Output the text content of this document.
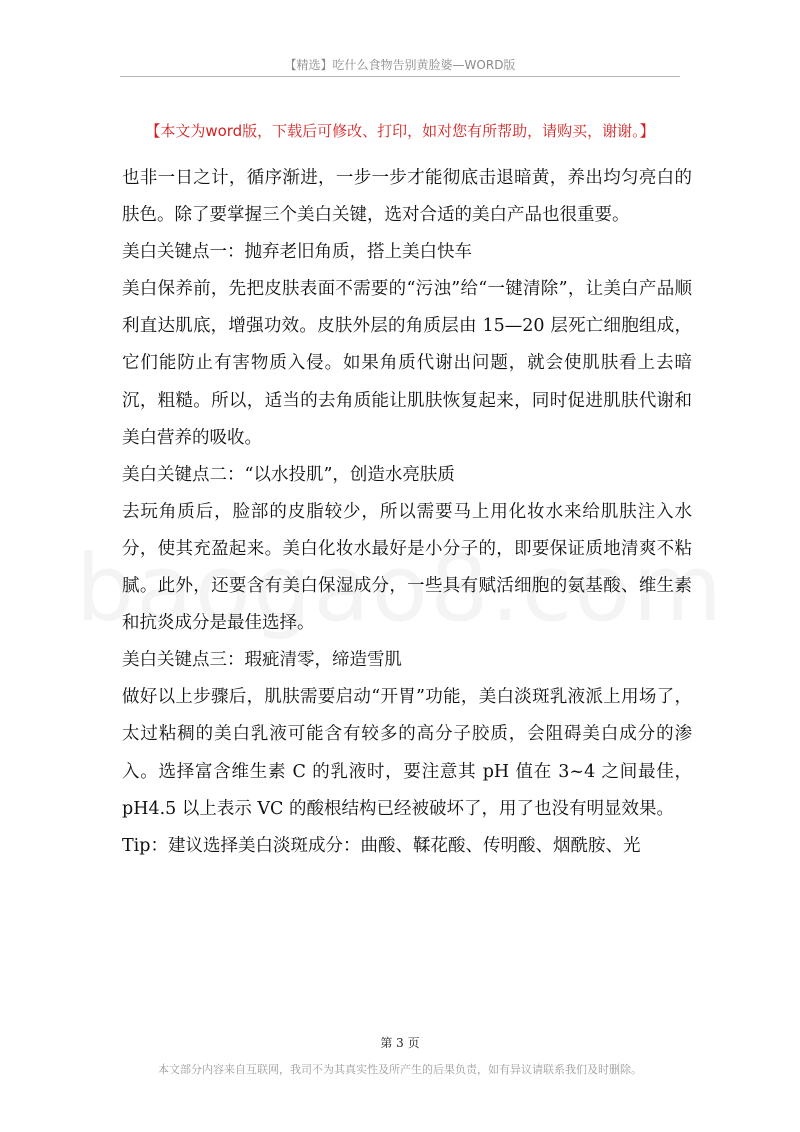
【精选】吃什么食物告别黄脸婆—WORD版
【本文为word版，下载后可修改、打印，如对您有所帮助，请购买，谢谢。】

也非一日之计，循序渐进，一步一步才能彻底击退暗黄，养出均匀亮白的肤色。除了要掌握三个美白关键，选对合适的美白产品也很重要。

美白关键点一：抛弃老旧角质，搭上美白快车

美白保养前，先把皮肤表面不需要的“污浊”给“一键清除”，让美白产品顺利直达肌底，增强功效。皮肤外层的角质层由 15—20 层死亡细胞组成，它们能防止有害物质入侵。如果角质代谢出问题，就会使肌肤看上去暗沉，粗糙。所以，适当的去角质能让肌肤恢复起来，同时促进肌肤代谢和美白营养的吸收。

美白关键点二：“以水投肌”，创造水亮肤质

去玩角质后，脸部的皮脂较少，所以需要马上用化妆水来给肌肤注入水分，使其充盈起来。美白化妆水最好是小分子的，即要保证质地清爽不粘腻。此外，还要含有美白保湿成分，一些具有赋活细胞的氨基酸、维生素和抗炎成分是最佳选择。

美白关键点三：瑕疵清零，缔造雪肌

做好以上步骤后，肌肤需要启动“开胃”功能，美白淡斑乳液派上用场了，太过粘稠的美白乳液可能含有较多的高分子胶质，会阻碍美白成分的渗入。选择富含维生素 C 的乳液时，要注意其 pH 值在 3~4 之间最佳，pH4.5 以上表示 VC 的酸根结构已经被破坏了，用了也没有明显效果。

Tip：建议选择美白淡斑成分：曲酸、鞣花酸、传明酸、烟酰胺、光

第 3 页
本文部分内容来自互联网，我司不为其真实性及所产生的后果负责，如有异议请联系我们及时删除。
